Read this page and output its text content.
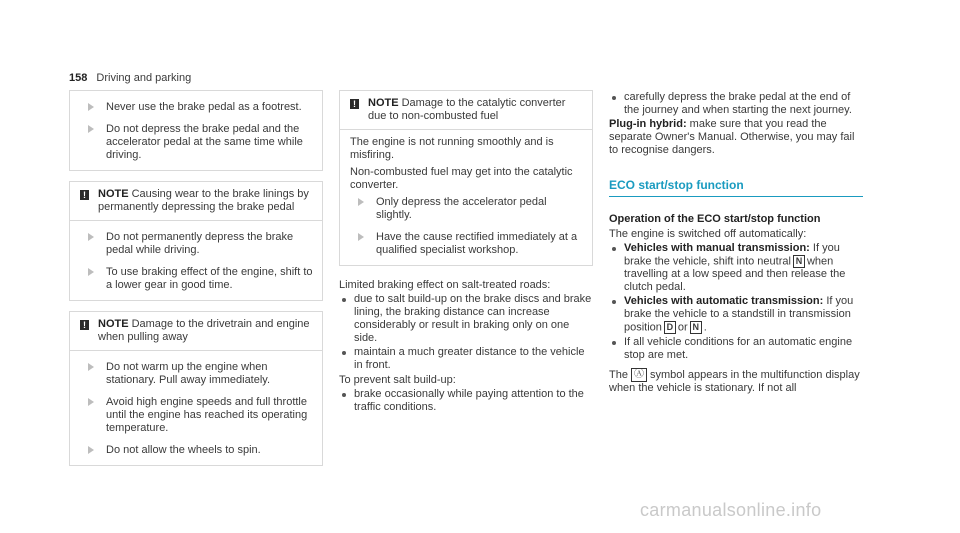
158 Driving and parking
Never use the brake pedal as a footrest.
Do not depress the brake pedal and the accelerator pedal at the same time while driving.
! NOTE Causing wear to the brake linings by permanently depressing the brake pedal
Do not permanently depress the brake pedal while driving.
To use braking effect of the engine, shift to a lower gear in good time.
! NOTE Damage to the drivetrain and engine when pulling away
Do not warm up the engine when stationary. Pull away immediately.
Avoid high engine speeds and full throttle until the engine has reached its operating temperature.
Do not allow the wheels to spin.
! NOTE Damage to the catalytic converter due to non-combusted fuel

The engine is not running smoothly and is misfiring.

Non-combusted fuel may get into the catalytic converter.

Only depress the accelerator pedal slightly.
Have the cause rectified immediately at a qualified specialist workshop.

Limited braking effect on salt-treated roads:

due to salt build-up on the brake discs and brake lining, the braking distance can increase considerably or result in braking only on one side.
maintain a much greater distance to the vehicle in front.

To prevent salt build-up:

brake occasionally while paying attention to the traffic conditions.
carefully depress the brake pedal at the end of the journey and when starting the next journey.

Plug-in hybrid: make sure that you read the separate Owner's Manual. Otherwise, you may fail to recognise dangers.

ECO start/stop function
Operation of the ECO start/stop function

The engine is switched off automatically:

Vehicles with manual transmission: If you brake the vehicle, shift into neutral N when travelling at a low speed and then release the clutch pedal.
Vehicles with automatic transmission: If you brake the vehicle to a standstill in transmission position D or N .
If all vehicle conditions for an automatic engine stop are met.

The Ⓐ symbol appears in the multifunction display when the vehicle is stationary. If not all

carmanualsonline.info
